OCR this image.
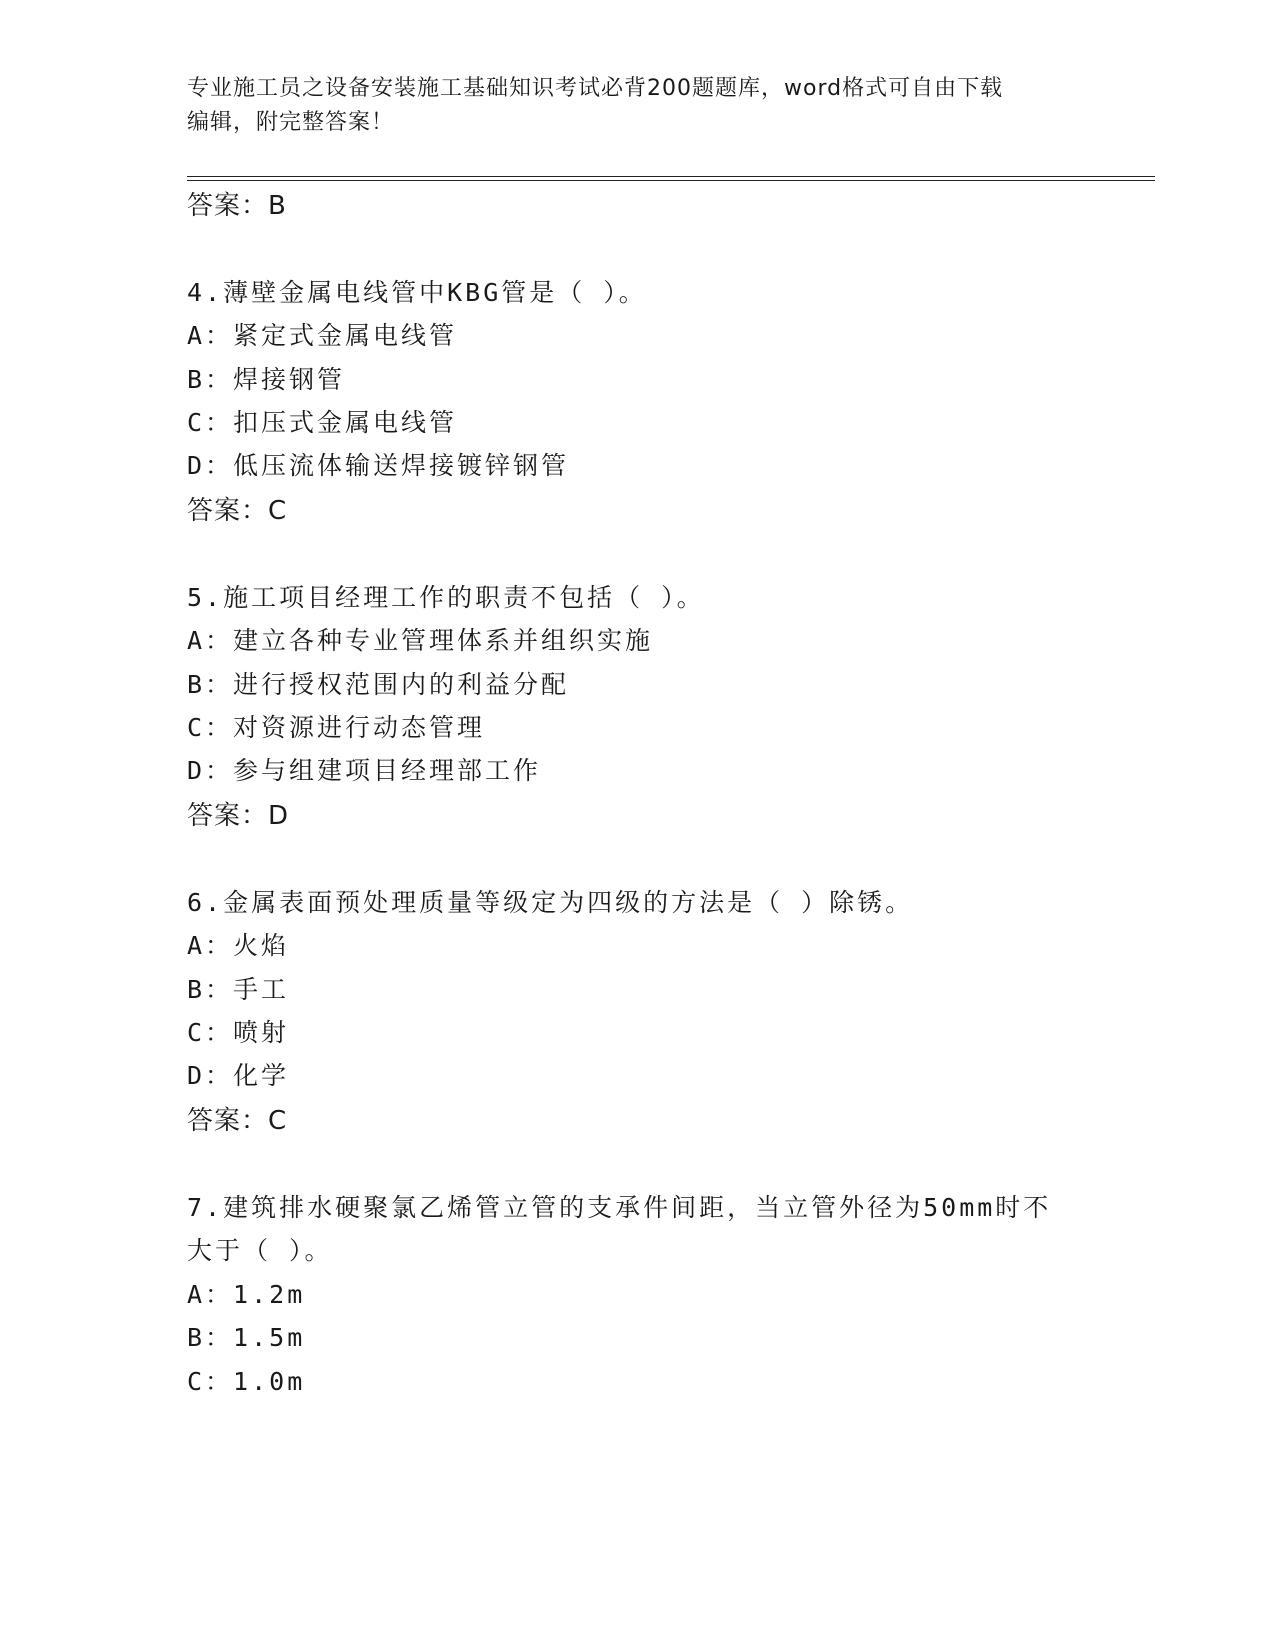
专业施工员之设备安装施工基础知识考试必背200题题库，word格式可自由下载
编辑，附完整答案！
答案：B
4.薄壁金属电线管中KBG管是（ ）。
A：紧定式金属电线管
B：焊接钢管
C：扣压式金属电线管
D：低压流体输送焊接镀锌钢管
答案：C
5.施工项目经理工作的职责不包括（ ）。
A：建立各种专业管理体系并组织实施
B：进行授权范围内的利益分配
C：对资源进行动态管理
D：参与组建项目经理部工作
答案：D
6.金属表面预处理质量等级定为四级的方法是（ ）除锈。
A：火焰
B：手工
C：喷射
D：化学
答案：C
7.建筑排水硬聚氯乙烯管立管的支承件间距，当立管外径为50mm时不
大于（ ）。
A：1.2m
B：1.5m
C：1.0m
